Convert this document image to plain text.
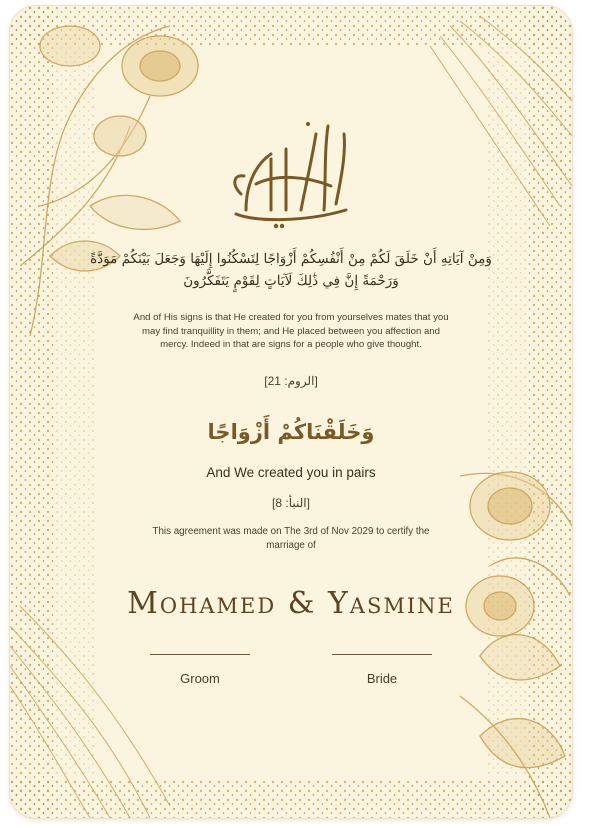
وَمِنْ آيَاتِهِ أَنْ خَلَقَ لَكُمْ مِنْ أَنْفُسِكُمْ أَزْوَاجًا لِتَسْكُنُوا إِلَيْهَا وَجَعَلَ بَيْنَكُمْ مَوَدَّةً وَرَحْمَةً إِنَّ فِي ذَٰلِكَ لَآيَاتٍ لِقَوْمٍ يَتَفَكَّرُونَ
And of His signs is that He created for you from yourselves mates that you may find tranquillity in them; and He placed between you affection and mercy. Indeed in that are signs for a people who give thought.
[الروم: 21]
وَخَلَقْنَاكُمْ أَزْوَاجًا
And We created you in pairs
[النبأ: 8]
This agreement was made on The 3rd of Nov 2029 to certify the marriage of
Mohamed & Yasmine
Groom	Bride
